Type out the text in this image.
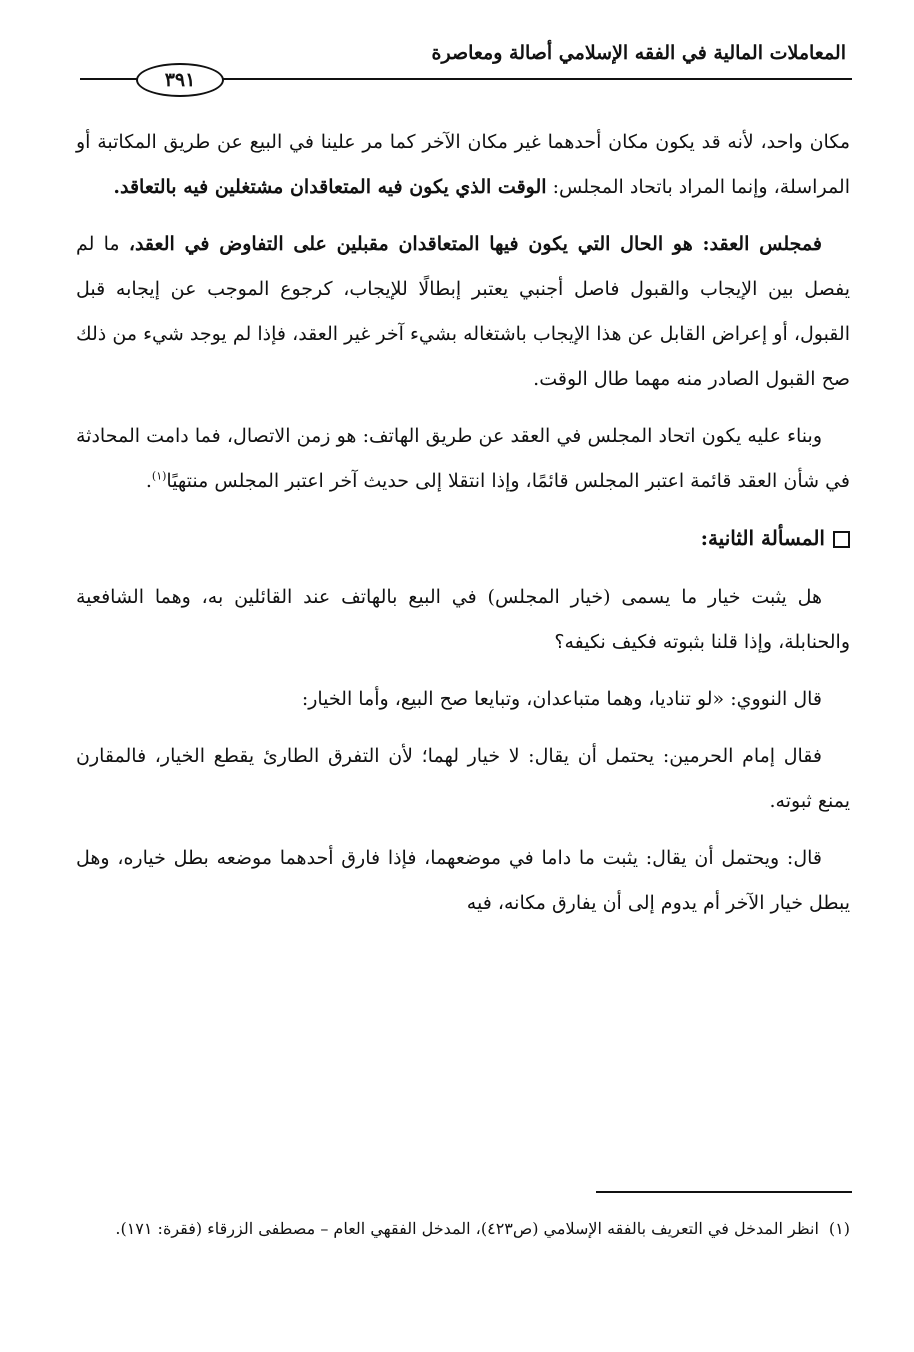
المعاملات المالية في الفقه الإسلامي أصالة ومعاصرة
٣٩١

مكان واحد، لأنه قد يكون مكان أحدهما غير مكان الآخر كما مر علينا في البيع عن طريق المكاتبة أو المراسلة، وإنما المراد باتحاد المجلس: الوقت الذي يكون فيه المتعاقدان مشتغلين فيه بالتعاقد.

فمجلس العقد: هو الحال التي يكون فيها المتعاقدان مقبلين على التفاوض في العقد، ما لم يفصل بين الإيجاب والقبول فاصل أجنبي يعتبر إبطالًا للإيجاب، كرجوع الموجب عن إيجابه قبل القبول، أو إعراض القابل عن هذا الإيجاب باشتغاله بشيء آخر غير العقد، فإذا لم يوجد شيء من ذلك صح القبول الصادر منه مهما طال الوقت.

وبناء عليه يكون اتحاد المجلس في العقد عن طريق الهاتف: هو زمن الاتصال، فما دامت المحادثة في شأن العقد قائمة اعتبر المجلس قائمًا، وإذا انتقلا إلى حديث آخر اعتبر المجلس منتهيًا$^{(١)}$.

المسألة الثانية:

هل يثبت خيار ما يسمى (خيار المجلس) في البيع بالهاتف عند القائلين به، وهما الشافعية والحنابلة، وإذا قلنا بثبوته فكيف نكيفه؟

قال النووي: «لو تناديا، وهما متباعدان، وتبايعا صح البيع، وأما الخيار:

فقال إمام الحرمين: يحتمل أن يقال: لا خيار لهما؛ لأن التفرق الطارئ يقطع الخيار، فالمقارن يمنع ثبوته.

قال: ويحتمل أن يقال: يثبت ما داما في موضعهما، فإذا فارق أحدهما موضعه بطل خياره، وهل يبطل خيار الآخر أم يدوم إلى أن يفارق مكانه، فيه

(١)انظر المدخل في التعريف بالفقه الإسلامي (ص٤٢٣)، المدخل الفقهي العام – مصطفى الزرقاء (فقرة: ١٧١).
